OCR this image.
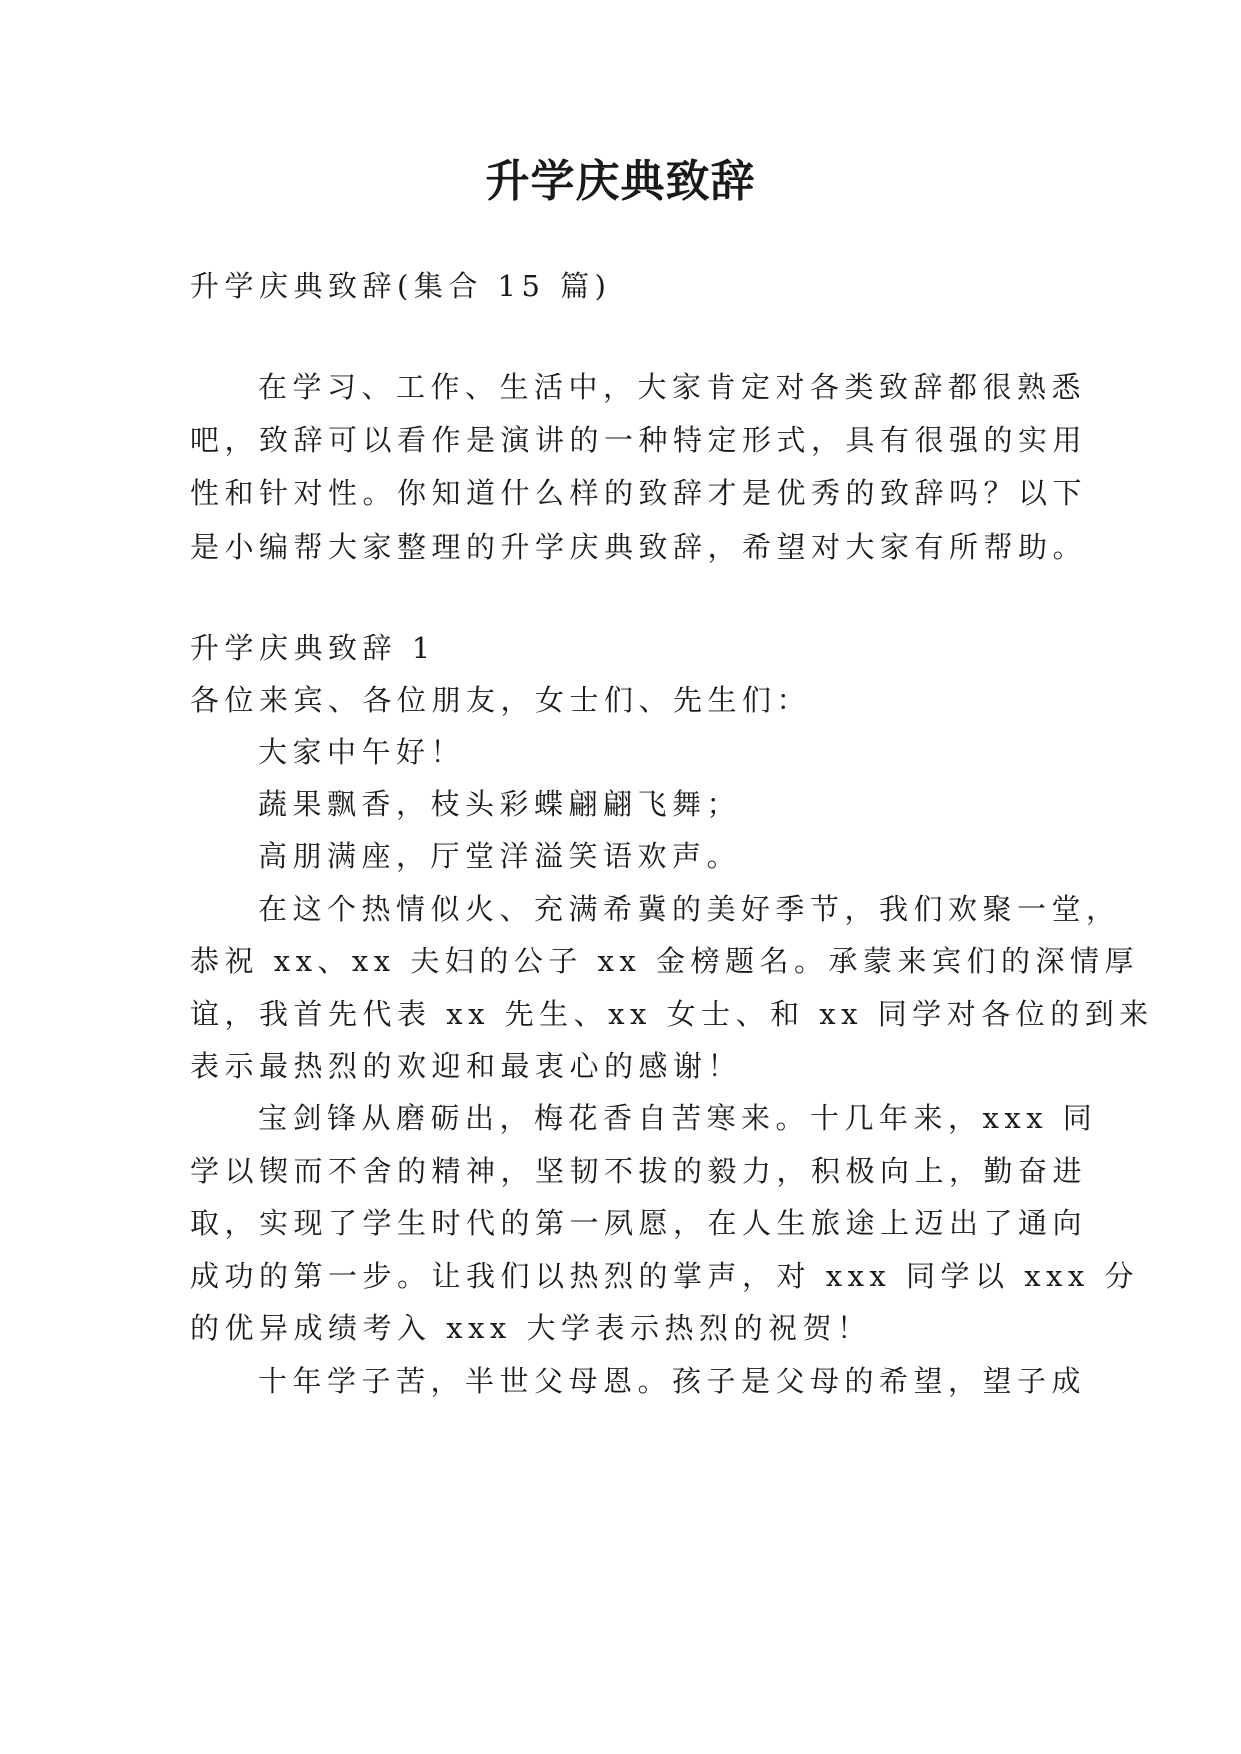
升学庆典致辞
升学庆典致辞(集合 15 篇)
在学习、工作、生活中，大家肯定对各类致辞都很熟悉
吧，致辞可以看作是演讲的一种特定形式，具有很强的实用
性和针对性。你知道什么样的致辞才是优秀的致辞吗？以下
是小编帮大家整理的升学庆典致辞，希望对大家有所帮助。
升学庆典致辞 1
各位来宾、各位朋友，女士们、先生们：
大家中午好！
蔬果飘香，枝头彩蝶翩翩飞舞；
高朋满座，厅堂洋溢笑语欢声。
在这个热情似火、充满希冀的美好季节，我们欢聚一堂，
恭祝 xx、xx 夫妇的公子 xx 金榜题名。承蒙来宾们的深情厚
谊，我首先代表 xx 先生、xx 女士、和 xx 同学对各位的到来
表示最热烈的欢迎和最衷心的感谢！
宝剑锋从磨砺出，梅花香自苦寒来。十几年来，xxx 同
学以锲而不舍的精神，坚韧不拔的毅力，积极向上，勤奋进
取，实现了学生时代的第一夙愿，在人生旅途上迈出了通向
成功的第一步。让我们以热烈的掌声，对 xxx 同学以 xxx 分
的优异成绩考入 xxx 大学表示热烈的祝贺！
十年学子苦，半世父母恩。孩子是父母的希望，望子成
